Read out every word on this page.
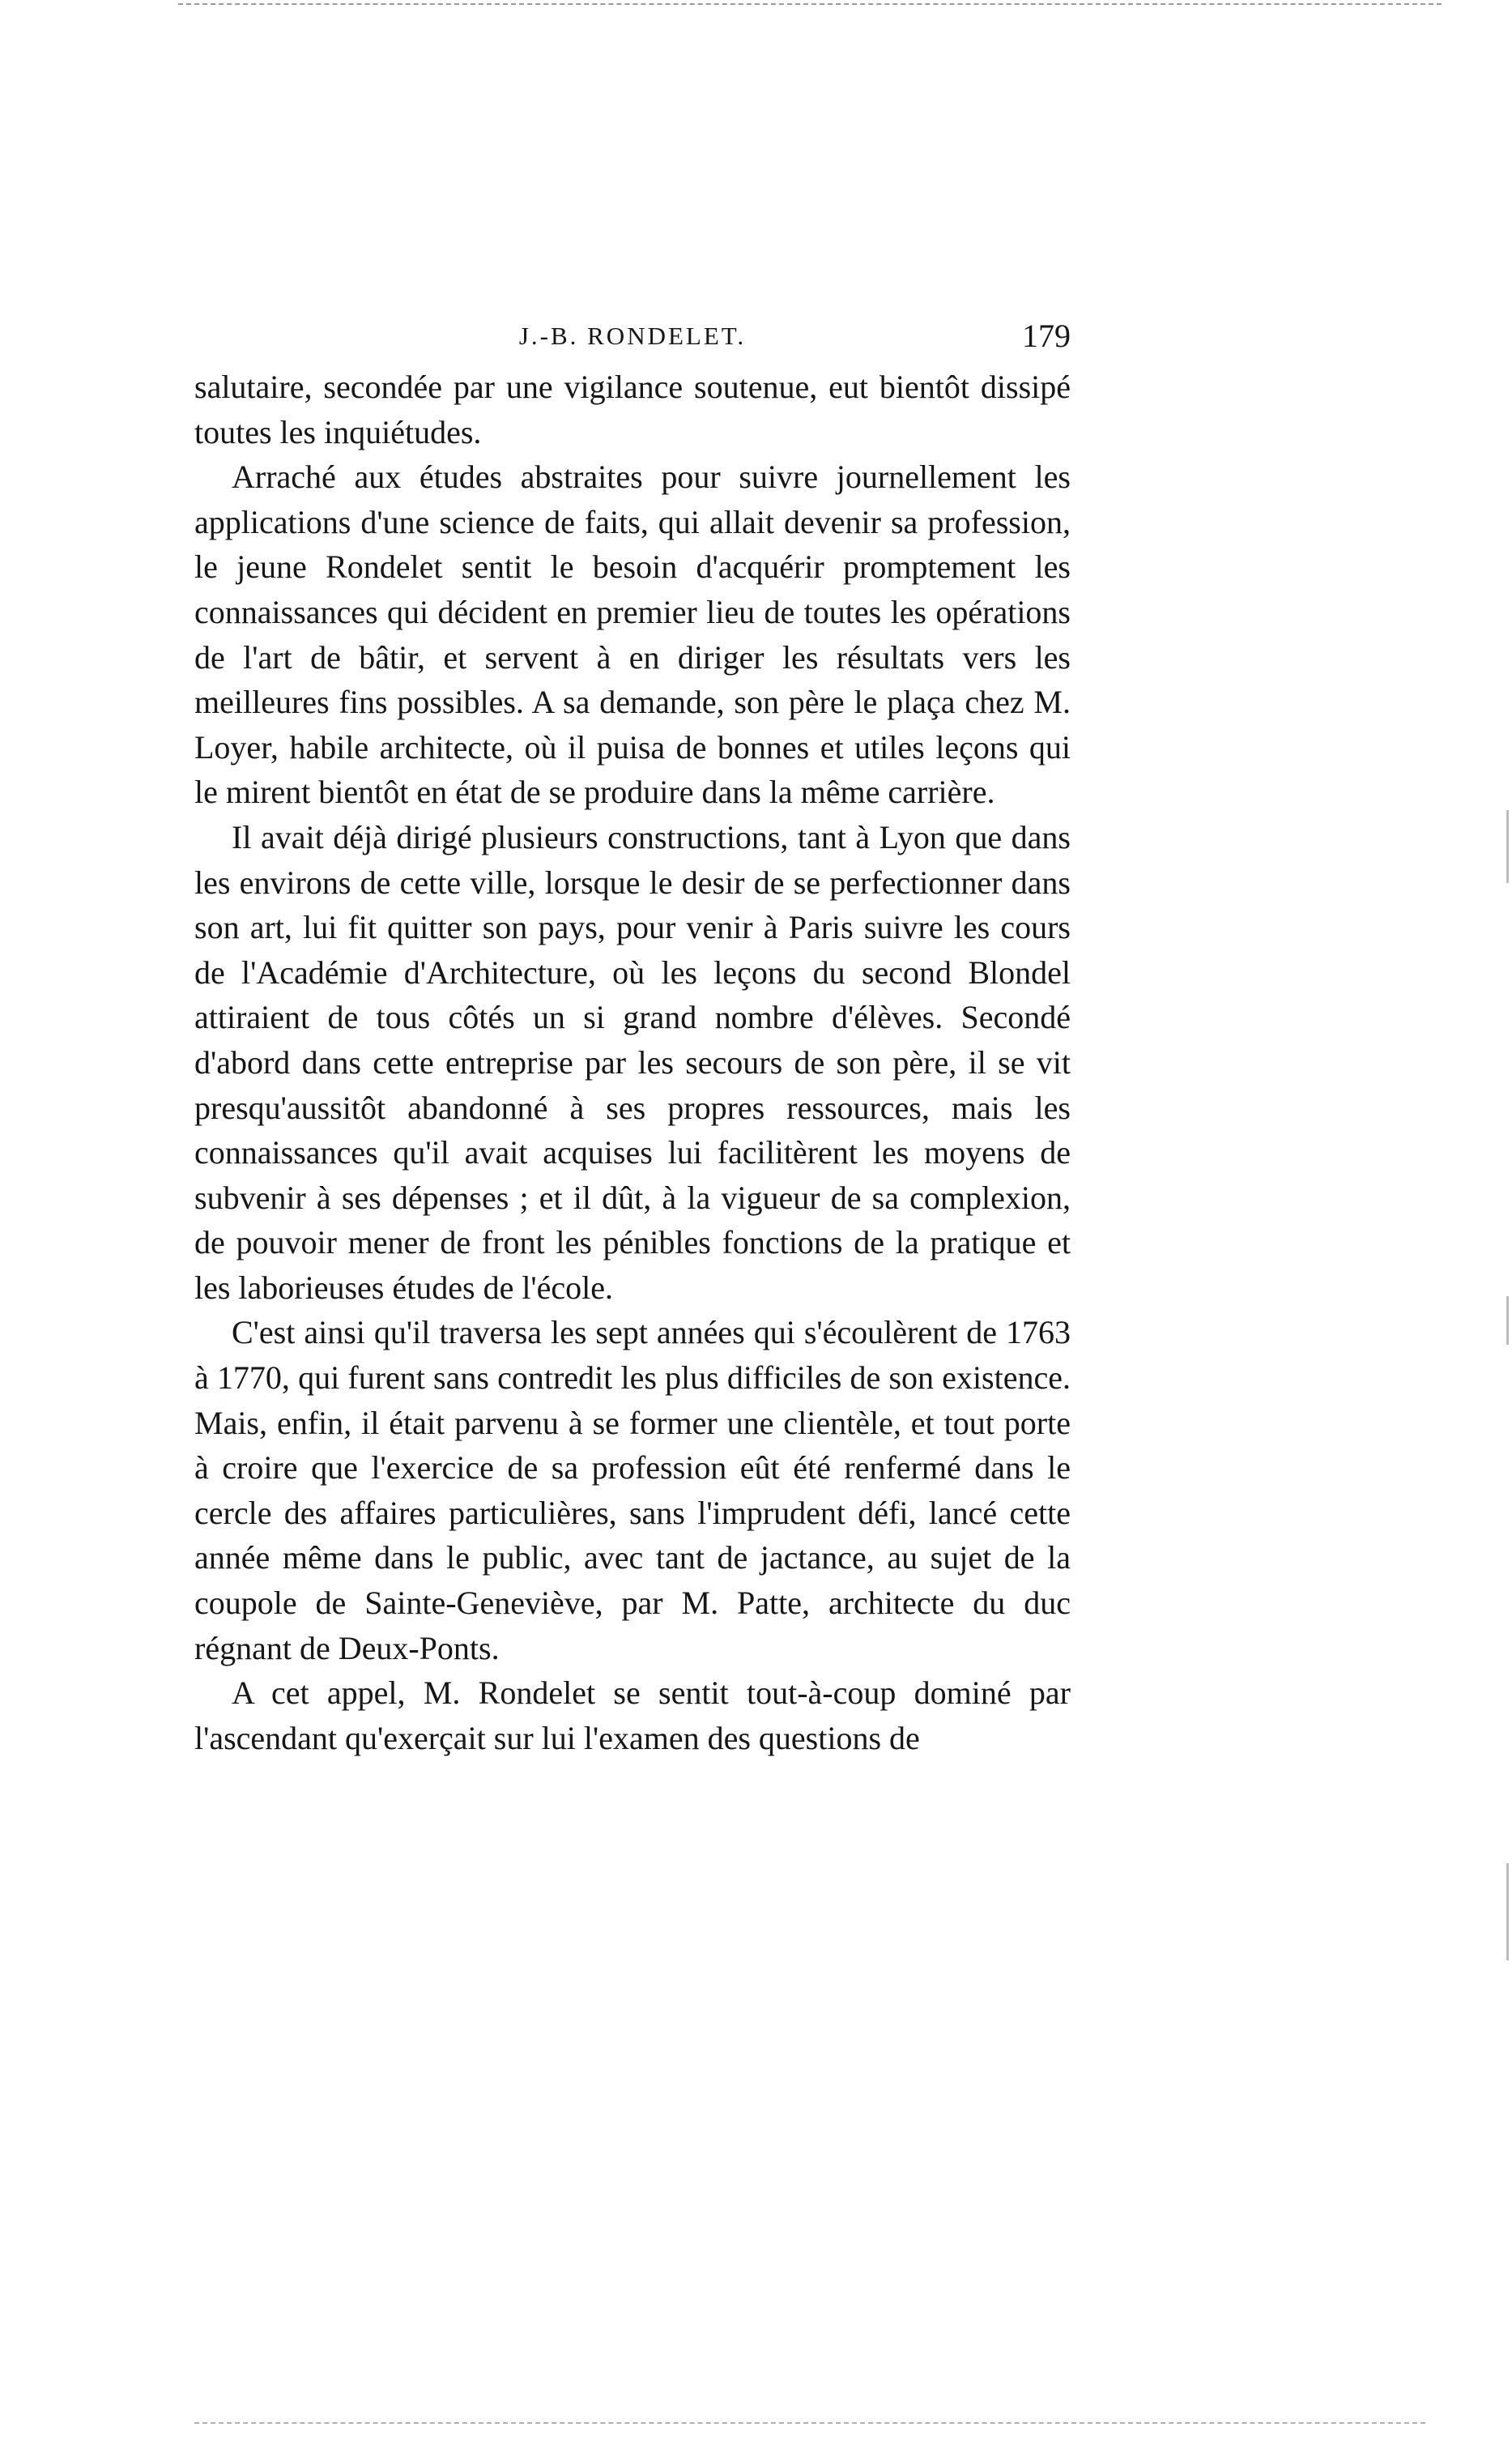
J.-B. RONDELET.	179

salutaire, secondée par une vigilance soutenue, eut bientôt dissipé toutes les inquiétudes.

Arraché aux études abstraites pour suivre journellement les applications d'une science de faits, qui allait devenir sa profession, le jeune Rondelet sentit le besoin d'acquérir promptement les connaissances qui décident en premier lieu de toutes les opérations de l'art de bâtir, et servent à en diriger les résultats vers les meilleures fins possibles. A sa demande, son père le plaça chez M. Loyer, habile architecte, où il puisa de bonnes et utiles leçons qui le mirent bientôt en état de se produire dans la même carrière.

Il avait déjà dirigé plusieurs constructions, tant à Lyon que dans les environs de cette ville, lorsque le desir de se perfectionner dans son art, lui fit quitter son pays, pour venir à Paris suivre les cours de l'Académie d'Architecture, où les leçons du second Blondel attiraient de tous côtés un si grand nombre d'élèves. Secondé d'abord dans cette entreprise par les secours de son père, il se vit presqu'aussitôt abandonné à ses propres ressources, mais les connaissances qu'il avait acquises lui facilitèrent les moyens de subvenir à ses dépenses ; et il dût, à la vigueur de sa complexion, de pouvoir mener de front les pénibles fonctions de la pratique et les laborieuses études de l'école.

C'est ainsi qu'il traversa les sept années qui s'écoulèrent de 1763 à 1770, qui furent sans contredit les plus difficiles de son existence. Mais, enfin, il était parvenu à se former une clientèle, et tout porte à croire que l'exercice de sa profession eût été renfermé dans le cercle des affaires particulières, sans l'imprudent défi, lancé cette année même dans le public, avec tant de jactance, au sujet de la coupole de Sainte-Geneviève, par M. Patte, architecte du duc régnant de Deux-Ponts.

A cet appel, M. Rondelet se sentit tout-à-coup dominé par l'ascendant qu'exerçait sur lui l'examen des questions de
